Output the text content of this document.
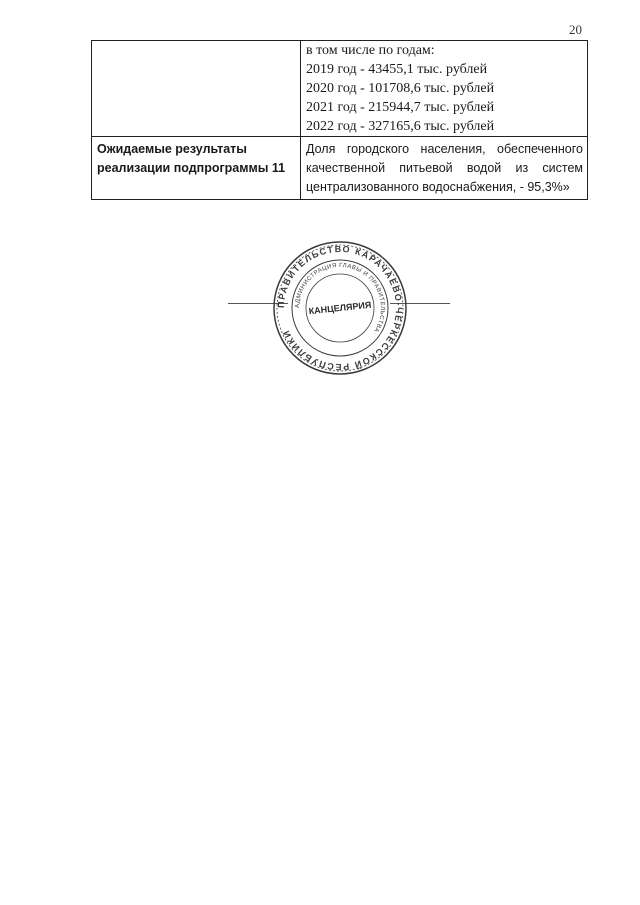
20

	в том числе по годам:
2019 год - 43455,1 тыс. рублей
2020 год - 101708,6 тыс. рублей
2021 год - 215944,7 тыс. рублей
2022 год - 327165,6 тыс. рублей

Ожидаемые результаты реализации подпрограммы 11	Доля городского населения, обеспеченного качественной питьевой водой из систем централизованного водоснабжения, - 95,3%»
ПРАВИТЕЛЬСТВО КАРАЧАЕВО-ЧЕРКЕССКОЙ РЕСПУБЛИКИ
АДМИНИСТРАЦИЯ ГЛАВЫ И ПРАВИТЕЛЬСТВА
КАНЦЕЛЯРИЯ
